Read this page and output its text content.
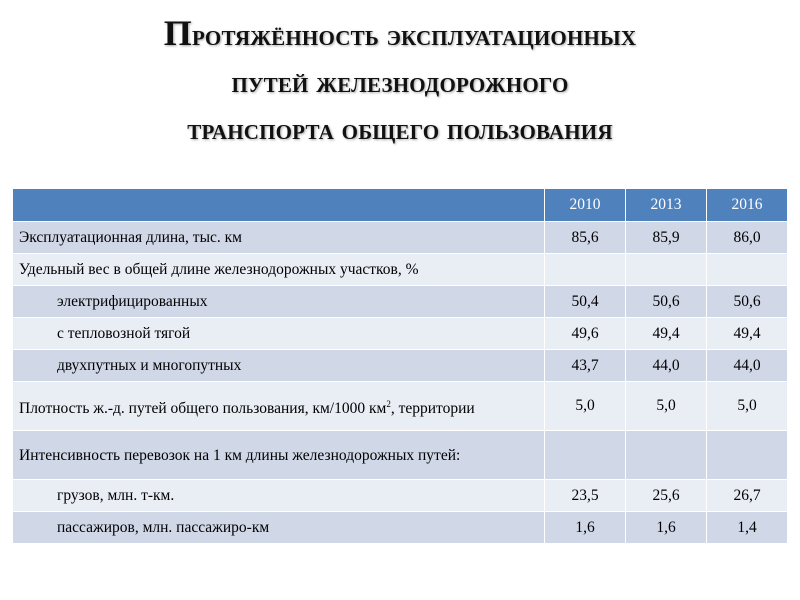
Протяжённость эксплуатационных
путей железнодорожного
транспорта общего пользования
	2010	2013	2016
Эксплуатационная длина, тыс. км	85,6	85,9	86,0
Удельный вес в общей длине железнодорожных участков, %			
электрифицированных	50,4	50,6	50,6
с тепловозной тягой	49,6	49,4	49,4
двухпутных и многопутных	43,7	44,0	44,0
Плотность ж.-д. путей общего пользования, км/1000 $км^2$, территории	5,0	5,0	5,0
Интенсивность перевозок на 1 км длины железнодорожных путей:			
грузов, млн. т-км.	23,5	25,6	26,7
пассажиров, млн. пассажиро-км	1,6	1,6	1,4
